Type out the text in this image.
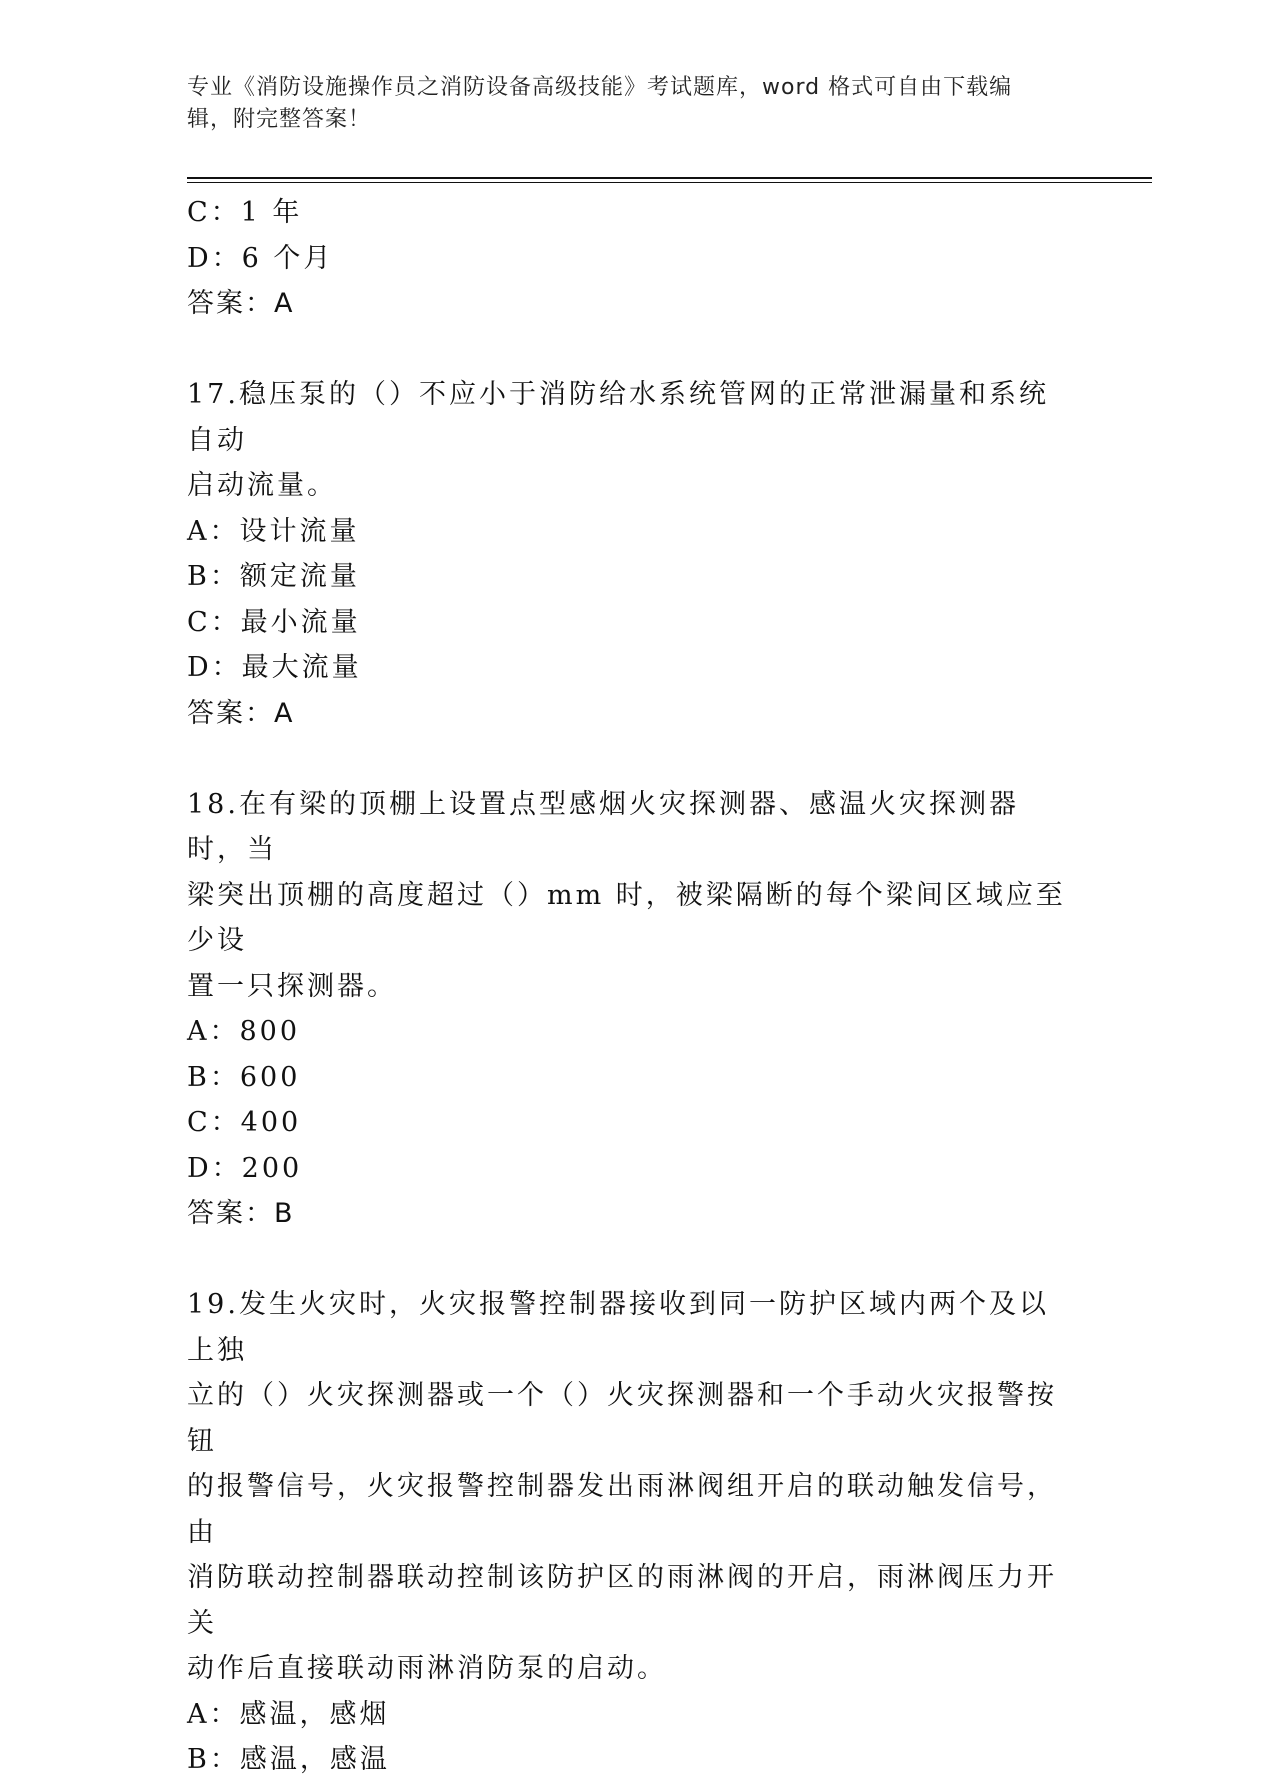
专业《消防设施操作员之消防设备高级技能》考试题库，word 格式可自由下载编
辑，附完整答案！
C：1 年
D：6 个月
答案：A
17.稳压泵的（）不应小于消防给水系统管网的正常泄漏量和系统自动
启动流量。
A：设计流量
B：额定流量
C：最小流量
D：最大流量
答案：A
18.在有梁的顶棚上设置点型感烟火灾探测器、感温火灾探测器时，当
梁突出顶棚的高度超过（）mm 时，被梁隔断的每个梁间区域应至少设
置一只探测器。
A：800
B：600
C：400
D：200
答案：B
19.发生火灾时，火灾报警控制器接收到同一防护区域内两个及以上独
立的（）火灾探测器或一个（）火灾探测器和一个手动火灾报警按钮
的报警信号，火灾报警控制器发出雨淋阀组开启的联动触发信号，由
消防联动控制器联动控制该防护区的雨淋阀的开启，雨淋阀压力开关
动作后直接联动雨淋消防泵的启动。
A：感温，感烟
B：感温，感温
